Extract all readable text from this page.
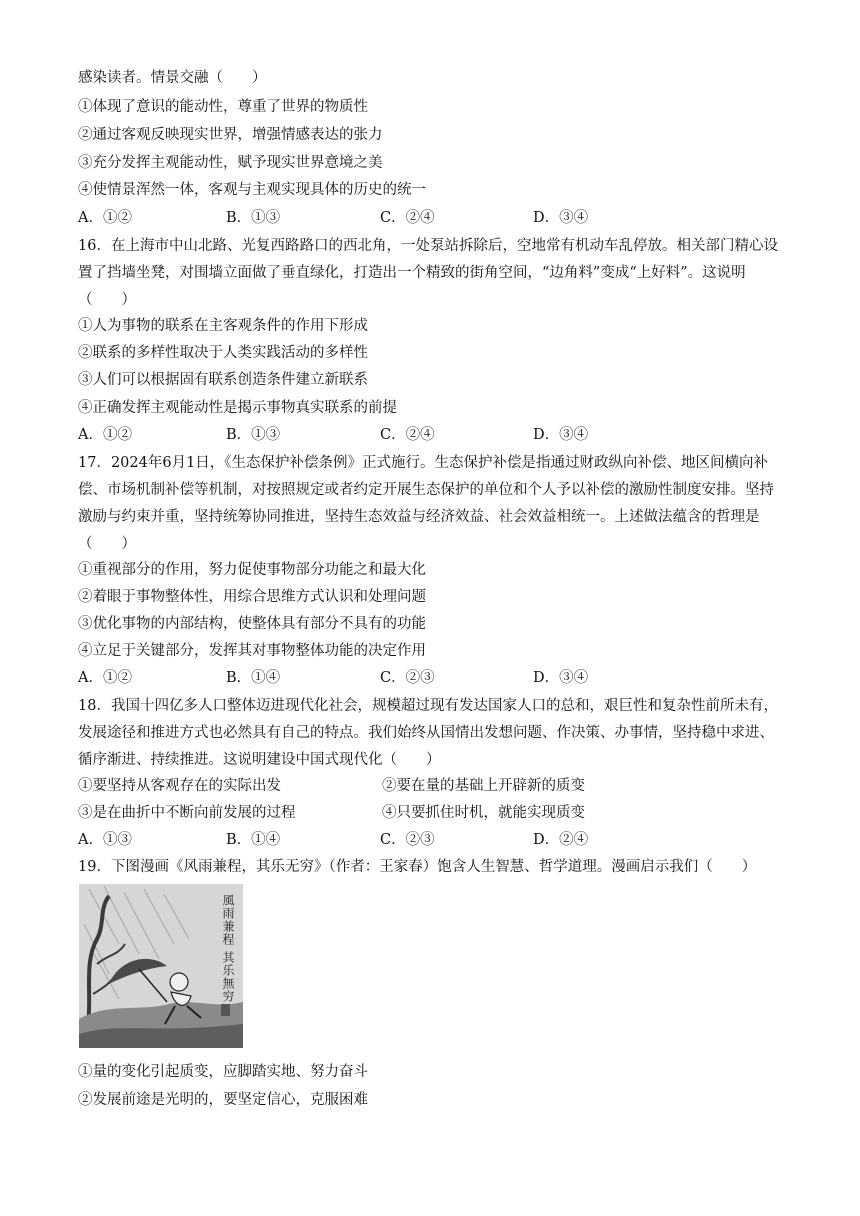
感染读者。情景交融（　　）
①体现了意识的能动性，尊重了世界的物质性
②通过客观反映现实世界，增强情感表达的张力
③充分发挥主观能动性，赋予现实世界意境之美
④使情景浑然一体，客观与主观实现具体的历史的统一
A．①②	B．①③	C．②④	D．③④
16．在上海市中山北路、光复西路路口的西北角，一处泵站拆除后，空地常有机动车乱停放。相关部门精心设置了挡墙坐凳，对围墙立面做了垂直绿化，打造出一个精致的街角空间，“边角料”变成“上好料”。这说明（　　）
①人为事物的联系在主客观条件的作用下形成
②联系的多样性取决于人类实践活动的多样性
③人们可以根据固有联系创造条件建立新联系
④正确发挥主观能动性是揭示事物真实联系的前提
A．①②	B．①③	C．②④	D．③④
17．2024年6月1日，《生态保护补偿条例》正式施行。生态保护补偿是指通过财政纵向补偿、地区间横向补偿、市场机制补偿等机制，对按照规定或者约定开展生态保护的单位和个人予以补偿的激励性制度安排。坚持激励与约束并重，坚持统筹协同推进，坚持生态效益与经济效益、社会效益相统一。上述做法蕴含的哲理是（　　）
①重视部分的作用，努力促使事物部分功能之和最大化
②着眼于事物整体性，用综合思维方式认识和处理问题
③优化事物的内部结构，使整体具有部分不具有的功能
④立足于关键部分，发挥其对事物整体功能的决定作用
A．①②	B．①④	C．②③	D．③④
18．我国十四亿多人口整体迈进现代化社会，规模超过现有发达国家人口的总和，艰巨性和复杂性前所未有，发展途径和推进方式也必然具有自己的特点。我们始终从国情出发想问题、作决策、办事情，坚持稳中求进、循序渐进、持续推进。这说明建设中国式现代化（　　）
①要坚持从客观存在的实际出发	②要在量的基础上开辟新的质变
③是在曲折中不断向前发展的过程	④只要抓住时机，就能实现质变
A．①③	B．①④	C．②③	D．②④
19．下图漫画《风雨兼程，其乐无穷》（作者：王家春）饱含人生智慧、哲学道理。漫画启示我们（　　）
風雨兼程 其乐無穷
①量的变化引起质变，应脚踏实地、努力奋斗
②发展前途是光明的，要坚定信心，克服困难
